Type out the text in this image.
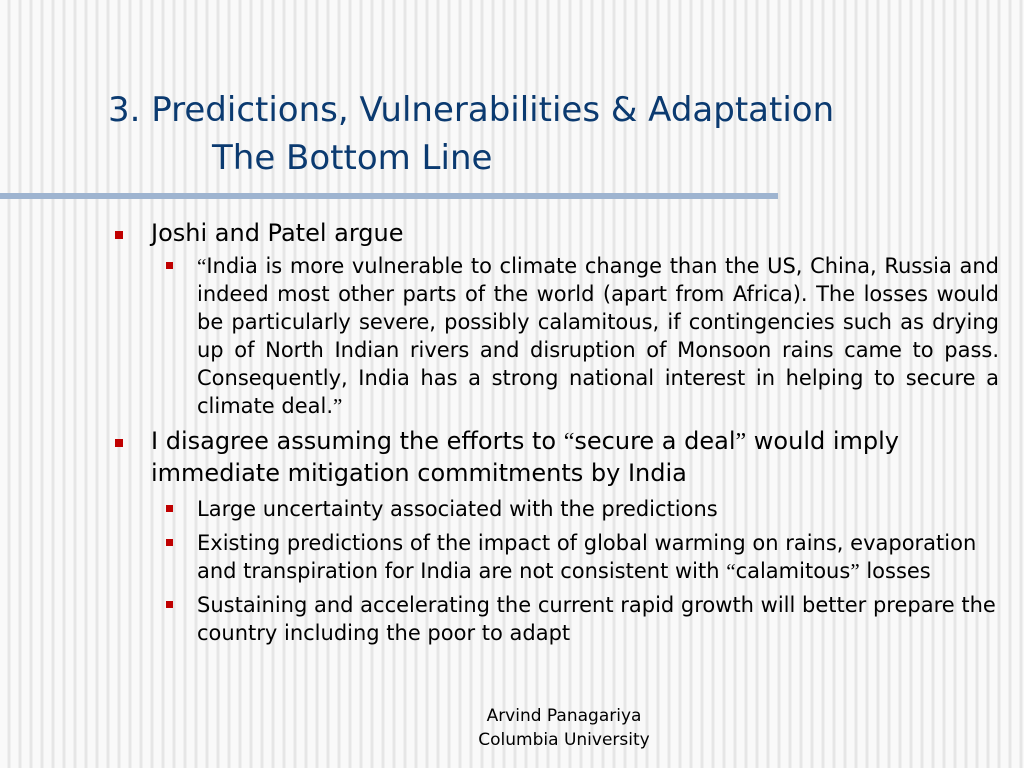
3. Predictions, Vulnerabilities & Adaptation
The Bottom Line
Joshi and Patel argue
“India is more vulnerable to climate change than the US, China, Russia and indeed most other parts of the world (apart from Africa). The losses would be particularly severe, possibly calamitous, if contingencies such as drying up of North Indian rivers and disruption of Monsoon rains came to pass. Consequently, India has a strong national interest in helping to secure a climate deal.”
I disagree assuming the efforts to “secure a deal” would imply immediate mitigation commitments by India
Large uncertainty associated with the predictions
Existing predictions of the impact of global warming on rains, evaporation and transpiration for India are not consistent with “calamitous” losses
Sustaining and accelerating the current rapid growth will better prepare the country including the poor to adapt
Arvind Panagariya
Columbia University
